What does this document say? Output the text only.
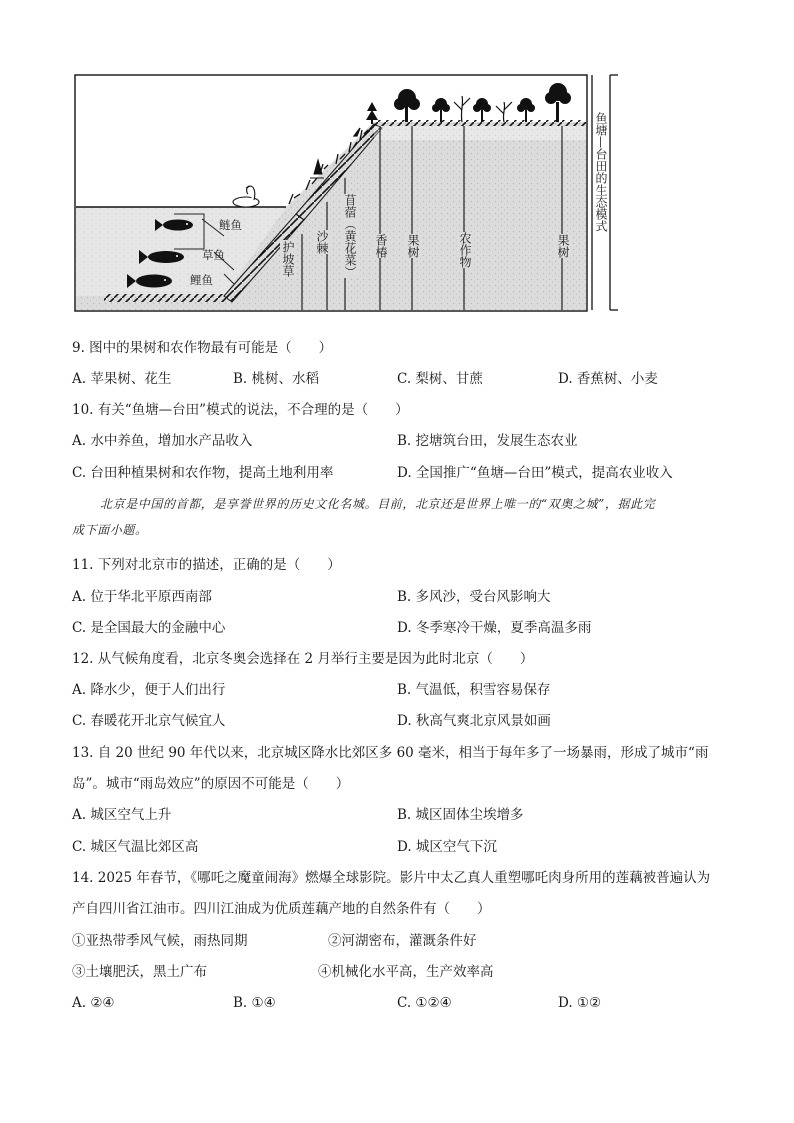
鲢鱼
草鱼
鲤鱼
护坡草 沙棘 苜蓿（黄花菜） 香椿 果树	农作物	果树
鱼塘—台田的生态模式
9. 图中的果树和农作物最有可能是（　　）
A. 苹果树、花生	B. 桃树、水稻	C. 梨树、甘蔗	D. 香蕉树、小麦
10. 有关“鱼塘—台田”模式的说法，不合理的是（　　）
A. 水中养鱼，增加水产品收入	B. 挖塘筑台田，发展生态农业
C. 台田种植果树和农作物，提高土地利用率	D. 全国推广“鱼塘—台田”模式，提高农业收入
北京是中国的首都，是享誉世界的历史文化名城。目前，北京还是世界上唯一的“双奥之城”，据此完
成下面小题。
11. 下列对北京市的描述，正确的是（　　）
A. 位于华北平原西南部	B. 多风沙，受台风影响大
C. 是全国最大的金融中心	D. 冬季寒冷干燥，夏季高温多雨
12. 从气候角度看，北京冬奥会选择在 2 月举行主要是因为此时北京（　　）
A. 降水少，便于人们出行	B. 气温低，积雪容易保存
C. 春暖花开北京气候宜人	D. 秋高气爽北京风景如画
13. 自 20 世纪 90 年代以来，北京城区降水比郊区多 60 毫米，相当于每年多了一场暴雨，形成了城市“雨
岛”。城市“雨岛效应”的原因不可能是（　　）
A. 城区空气上升	B. 城区固体尘埃增多
C. 城区气温比郊区高	D. 城区空气下沉
14. 2025 年春节，《哪吒之魔童闹海》燃爆全球影院。影片中太乙真人重塑哪吒肉身所用的莲藕被普遍认为
产自四川省江油市。四川江油成为优质莲藕产地的自然条件有（　　）
①亚热带季风气候，雨热同期	②河湖密布，灌溉条件好
③土壤肥沃，黑土广布	④机械化水平高，生产效率高
A. ②④	B. ①④	C. ①②④	D. ①②
